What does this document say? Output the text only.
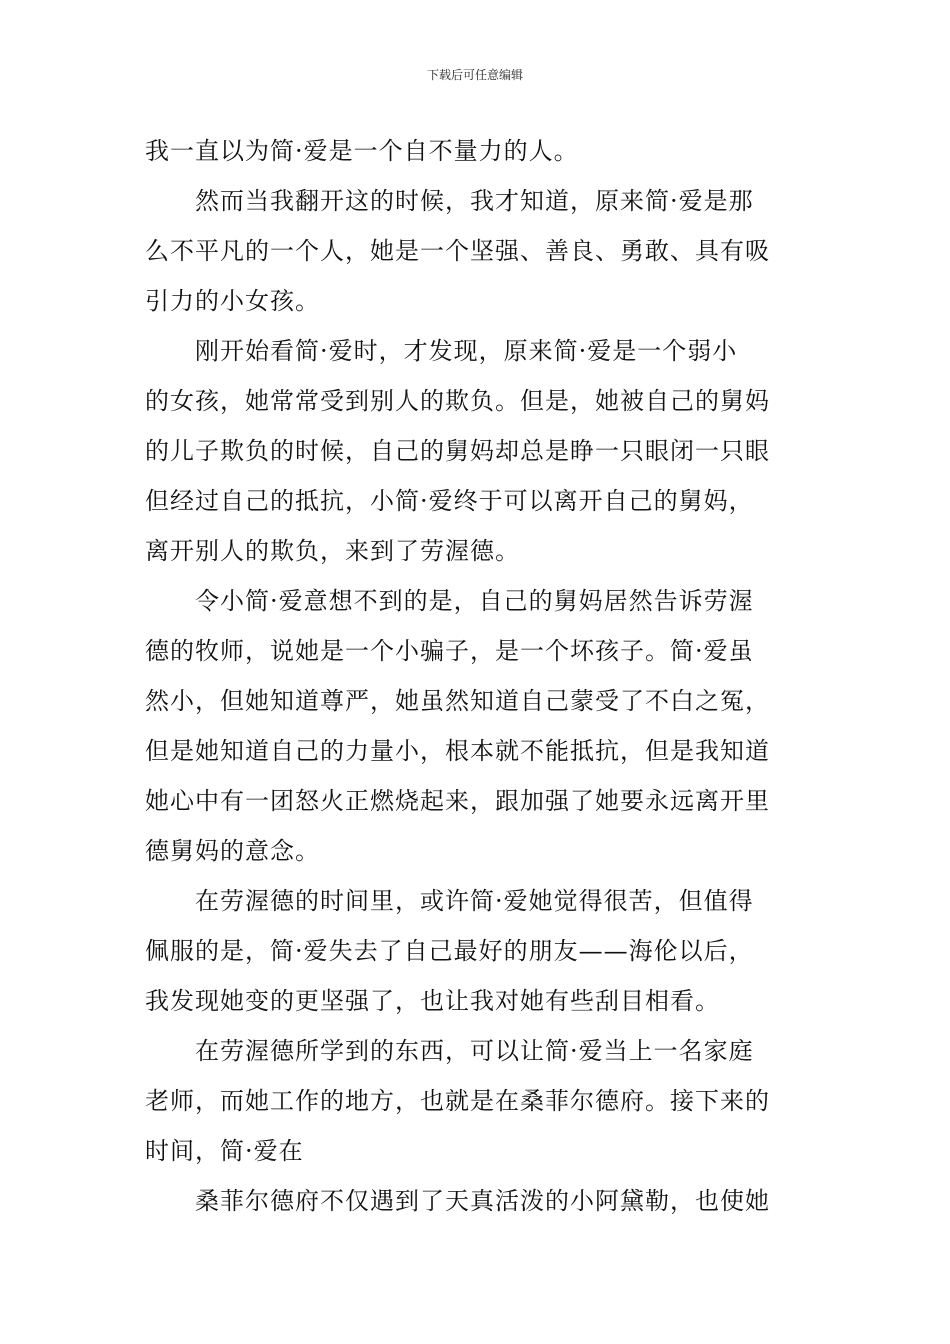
下载后可任意编辑
我一直以为简·爱是一个自不量力的人。
然而当我翻开这的时候，我才知道，原来简·爱是那
么不平凡的一个人，她是一个坚强、善良、勇敢、具有吸
引力的小女孩。
刚开始看简·爱时，才发现，原来简·爱是一个弱小
的女孩，她常常受到别人的欺负。但是，她被自己的舅妈
的儿子欺负的时候，自己的舅妈却总是睁一只眼闭一只眼
但经过自己的抵抗，小简·爱终于可以离开自己的舅妈，
离开别人的欺负，来到了劳渥德。
令小简·爱意想不到的是，自己的舅妈居然告诉劳渥
德的牧师，说她是一个小骗子，是一个坏孩子。简·爱虽
然小，但她知道尊严，她虽然知道自己蒙受了不白之冤，
但是她知道自己的力量小，根本就不能抵抗，但是我知道
她心中有一团怒火正燃烧起来，跟加强了她要永远离开里
德舅妈的意念。
在劳渥德的时间里，或许简·爱她觉得很苦，但值得
佩服的是，简·爱失去了自己最好的朋友——海伦以后，
我发现她变的更坚强了，也让我对她有些刮目相看。
在劳渥德所学到的东西，可以让简·爱当上一名家庭
老师，而她工作的地方，也就是在桑菲尔德府。接下来的
时间，简·爱在
桑菲尔德府不仅遇到了天真活泼的小阿黛勒，也使她
